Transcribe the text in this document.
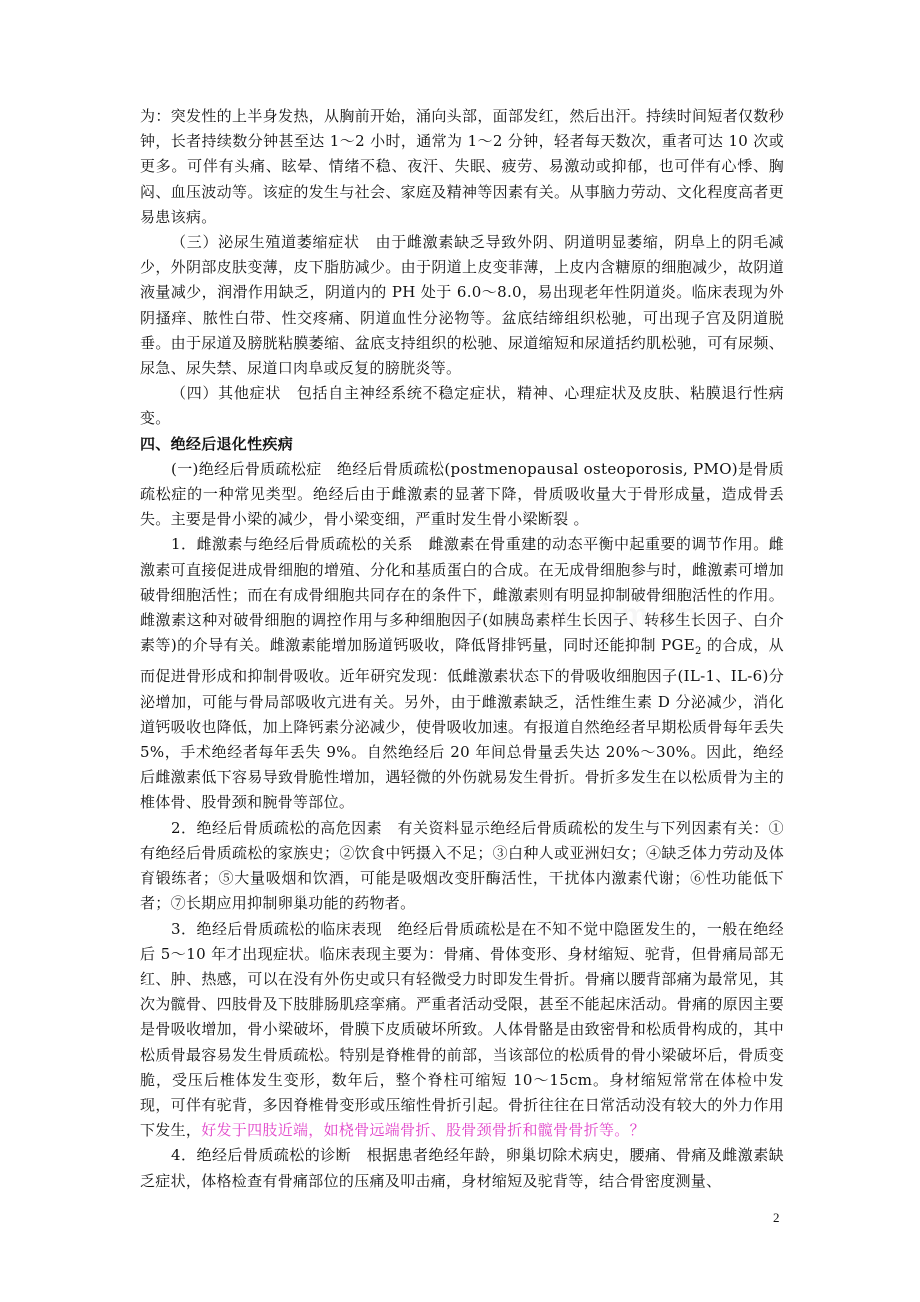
为：突发性的上半身发热，从胸前开始，涌向头部，面部发红，然后出汗。持续时间短者仅数秒钟，长者持续数分钟甚至达 1～2 小时，通常为 1～2 分钟，轻者每天数次，重者可达 10 次或更多。可伴有头痛、眩晕、情绪不稳、夜汗、失眠、疲劳、易激动或抑郁，也可伴有心悸、胸闷、血压波动等。该症的发生与社会、家庭及精神等因素有关。从事脑力劳动、文化程度高者更易患该病。

（三）泌尿生殖道萎缩症状　由于雌激素缺乏导致外阴、阴道明显萎缩，阴阜上的阴毛减少，外阴部皮肤变薄，皮下脂肪减少。由于阴道上皮变菲薄，上皮内含糖原的细胞减少，故阴道液量减少，润滑作用缺乏，阴道内的 PH 处于 6.0～8.0，易出现老年性阴道炎。临床表现为外阴搔痒、脓性白带、性交疼痛、阴道血性分泌物等。盆底结缔组织松驰，可出现子宫及阴道脱垂。由于尿道及膀胱粘膜萎缩、盆底支持组织的松驰、尿道缩短和尿道括约肌松驰，可有尿频、尿急、尿失禁、尿道口肉阜或反复的膀胱炎等。

（四）其他症状　包括自主神经系统不稳定症状，精神、心理症状及皮肤、粘膜退行性病变。

四、绝经后退化性疾病

(一)绝经后骨质疏松症　绝经后骨质疏松(postmenopausal osteoporosis, PMO)是骨质疏松症的一种常见类型。绝经后由于雌激素的显著下降，骨质吸收量大于骨形成量，造成骨丢失。主要是骨小梁的减少，骨小梁变细，严重时发生骨小梁断裂 。

1．雌激素与绝经后骨质疏松的关系　雌激素在骨重建的动态平衡中起重要的调节作用。雌激素可直接促进成骨细胞的增殖、分化和基质蛋白的合成。在无成骨细胞参与时，雌激素可增加破骨细胞活性；而在有成骨细胞共同存在的条件下，雌激素则有明显抑制破骨细胞活性的作用。雌激素这种对破骨细胞的调控作用与多种细胞因子(如胰岛素样生长因子、转移生长因子、白介素等)的介导有关。雌激素能增加肠道钙吸收，降低肾排钙量，同时还能抑制 $PGE_2$ 的合成，从而促进骨形成和抑制骨吸收。近年研究发现：低雌激素状态下的骨吸收细胞因子(IL-1、IL-6)分泌增加，可能与骨局部吸收亢进有关。另外，由于雌激素缺乏，活性维生素 D 分泌减少，消化道钙吸收也降低，加上降钙素分泌减少，使骨吸收加速。有报道自然绝经者早期松质骨每年丢失 5%，手术绝经者每年丢失 9%。自然绝经后 20 年间总骨量丢失达 20%～30%。因此，绝经后雌激素低下容易导致骨脆性增加，遇轻微的外伤就易发生骨折。骨折多发生在以松质骨为主的椎体骨、股骨颈和腕骨等部位。

2．绝经后骨质疏松的高危因素　有关资料显示绝经后骨质疏松的发生与下列因素有关：①有绝经后骨质疏松的家族史；②饮食中钙摄入不足；③白种人或亚洲妇女；④缺乏体力劳动及体育锻练者；⑤大量吸烟和饮酒，可能是吸烟改变肝酶活性，干扰体内激素代谢；⑥性功能低下者；⑦长期应用抑制卵巢功能的药物者。

3．绝经后骨质疏松的临床表现　绝经后骨质疏松是在不知不觉中隐匿发生的，一般在绝经后 5～10 年才出现症状。临床表现主要为：骨痛、骨体变形、身材缩短、驼背，但骨痛局部无红、肿、热感，可以在没有外伤史或只有轻微受力时即发生骨折。骨痛以腰背部痛为最常见，其次为髋骨、四肢骨及下肢腓肠肌痉挛痛。严重者活动受限，甚至不能起床活动。骨痛的原因主要是骨吸收增加，骨小梁破坏，骨膜下皮质破坏所致。人体骨骼是由致密骨和松质骨构成的，其中松质骨最容易发生骨质疏松。特别是脊椎骨的前部，当该部位的松质骨的骨小梁破坏后，骨质变脆，受压后椎体发生变形，数年后，整个脊柱可缩短 10～15cm。身材缩短常常在体检中发现，可伴有驼背，多因脊椎骨变形或压缩性骨折引起。骨折往往在日常活动没有较大的外力作用下发生，好发于四肢近端，如桡骨远端骨折、股骨颈骨折和髋骨骨折等。？

4．绝经后骨质疏松的诊断　根据患者绝经年龄，卵巢切除术病史，腰痛、骨痛及雌激素缺乏症状，体格检查有骨痛部位的压痛及叩击痛，身材缩短及驼背等，结合骨密度测量、

2
